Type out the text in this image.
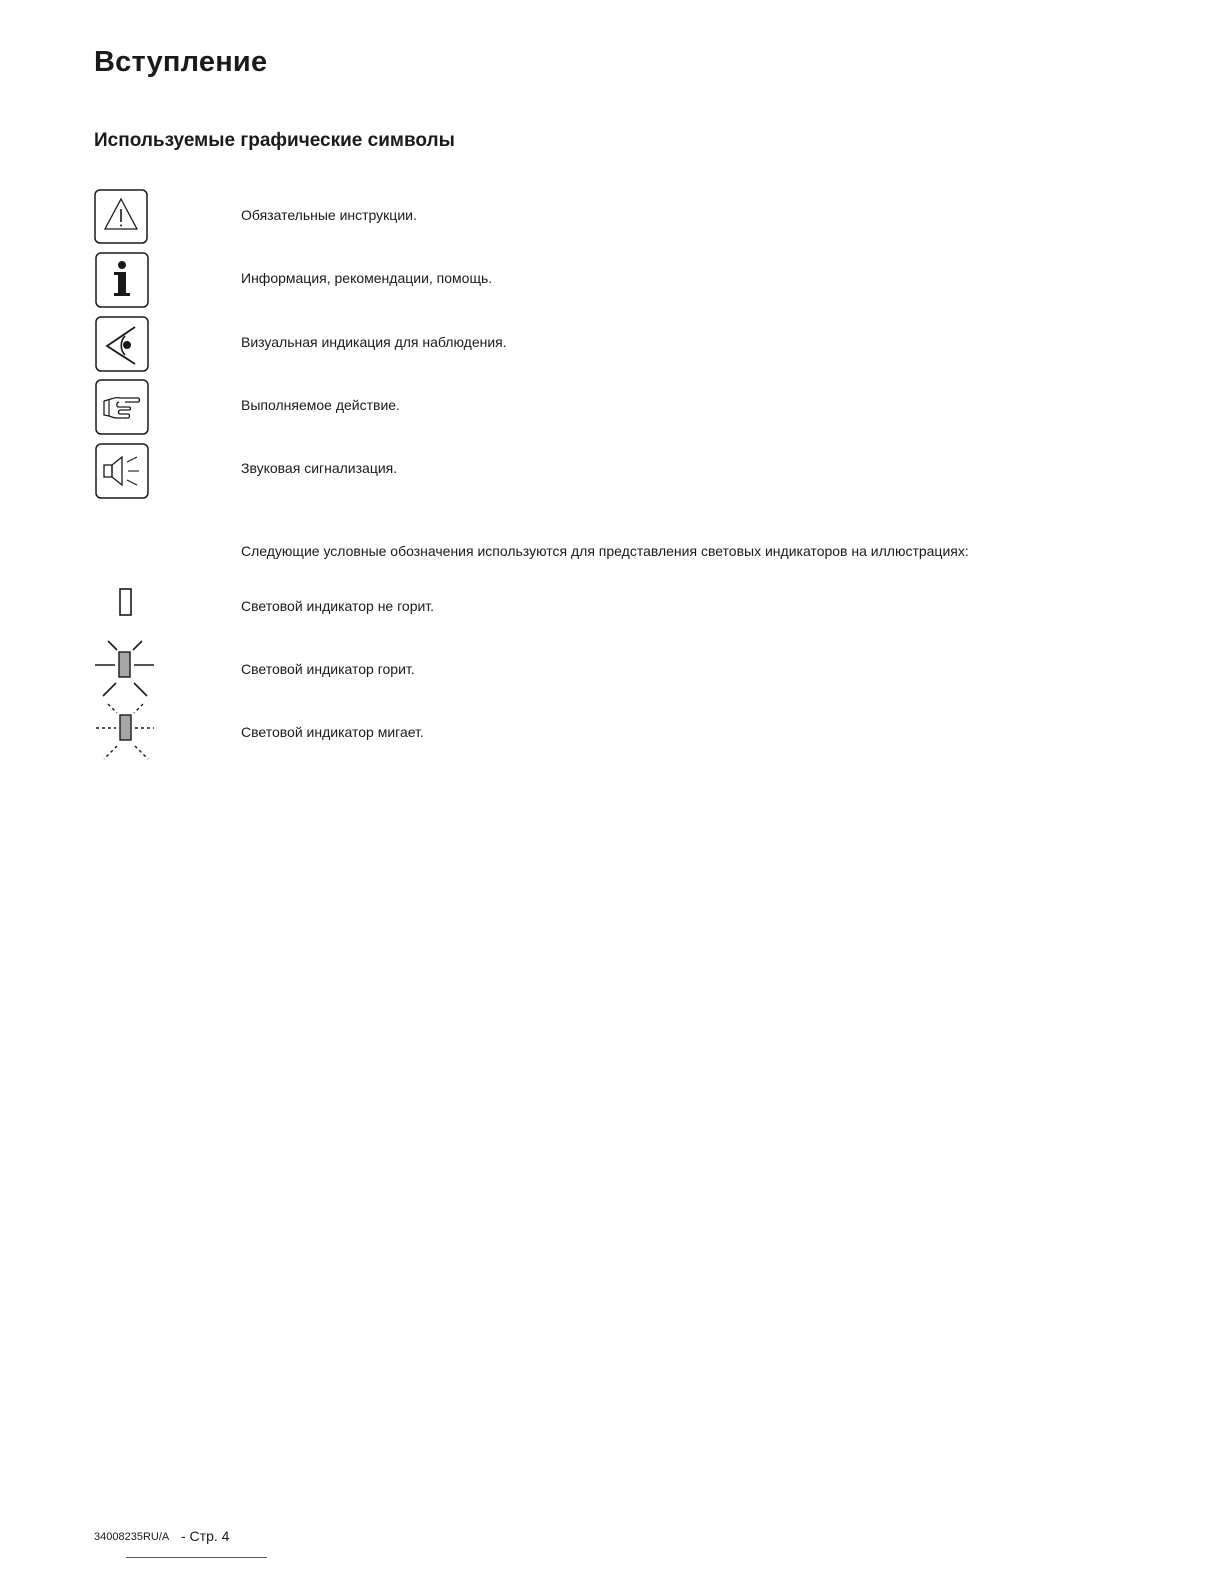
Вступление
Используемые графические символы
Обязательные инструкции.
Информация, рекомендации, помощь.
Визуальная индикация для наблюдения.
Выполняемое действие.
Звуковая сигнализация.
Следующие условные обозначения используются для представления световых индикаторов на иллюстрациях:
Световой индикатор не горит.
Световой индикатор горит.
Световой индикатор мигает.
34008235RU/A - Стр. 4
